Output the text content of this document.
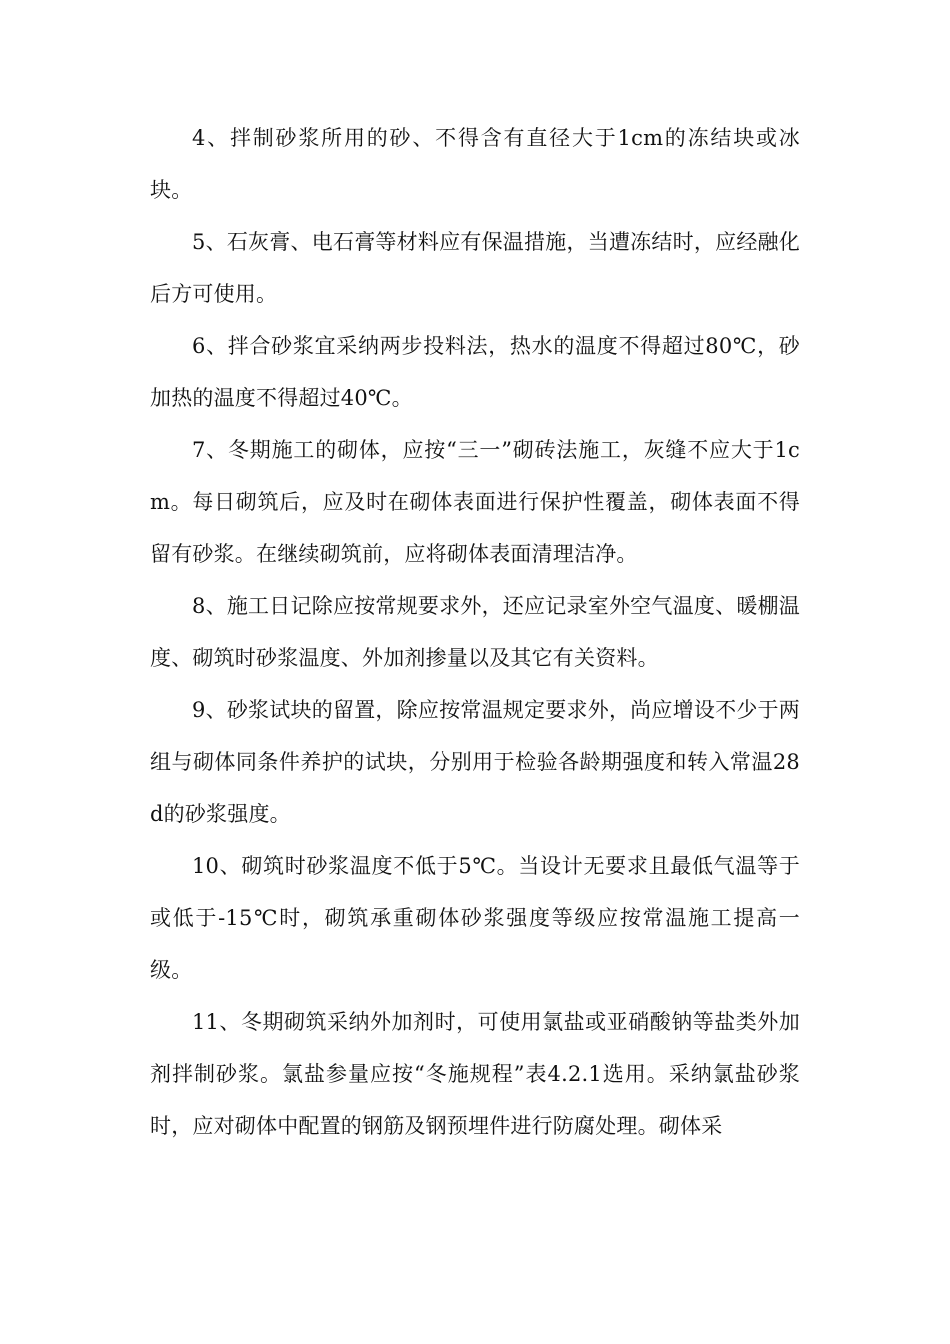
4、拌制砂浆所用的砂、不得含有直径大于1cm的冻结块或冰块。

5、石灰膏、电石膏等材料应有保温措施，当遭冻结时，应经融化后方可使用。

6、拌合砂浆宜采纳两步投料法，热水的温度不得超过80℃，砂加热的温度不得超过40℃。

7、冬期施工的砌体，应按“三一”砌砖法施工，灰缝不应大于1cm。每日砌筑后，应及时在砌体表面进行保护性覆盖，砌体表面不得留有砂浆。在继续砌筑前，应将砌体表面清理洁净。

8、施工日记除应按常规要求外，还应记录室外空气温度、暖棚温度、砌筑时砂浆温度、外加剂掺量以及其它有关资料。

9、砂浆试块的留置，除应按常温规定要求外，尚应增设不少于两组与砌体同条件养护的试块，分别用于检验各龄期强度和转入常温28d的砂浆强度。

10、砌筑时砂浆温度不低于5℃。当设计无要求且最低气温等于或低于-15℃时，砌筑承重砌体砂浆强度等级应按常温施工提高一级。

11、冬期砌筑采纳外加剂时，可使用氯盐或亚硝酸钠等盐类外加剂拌制砂浆。氯盐参量应按“冬施规程”表4.2.1选用。采纳氯盐砂浆时，应对砌体中配置的钢筋及钢预埋件进行防腐处理。砌体采
